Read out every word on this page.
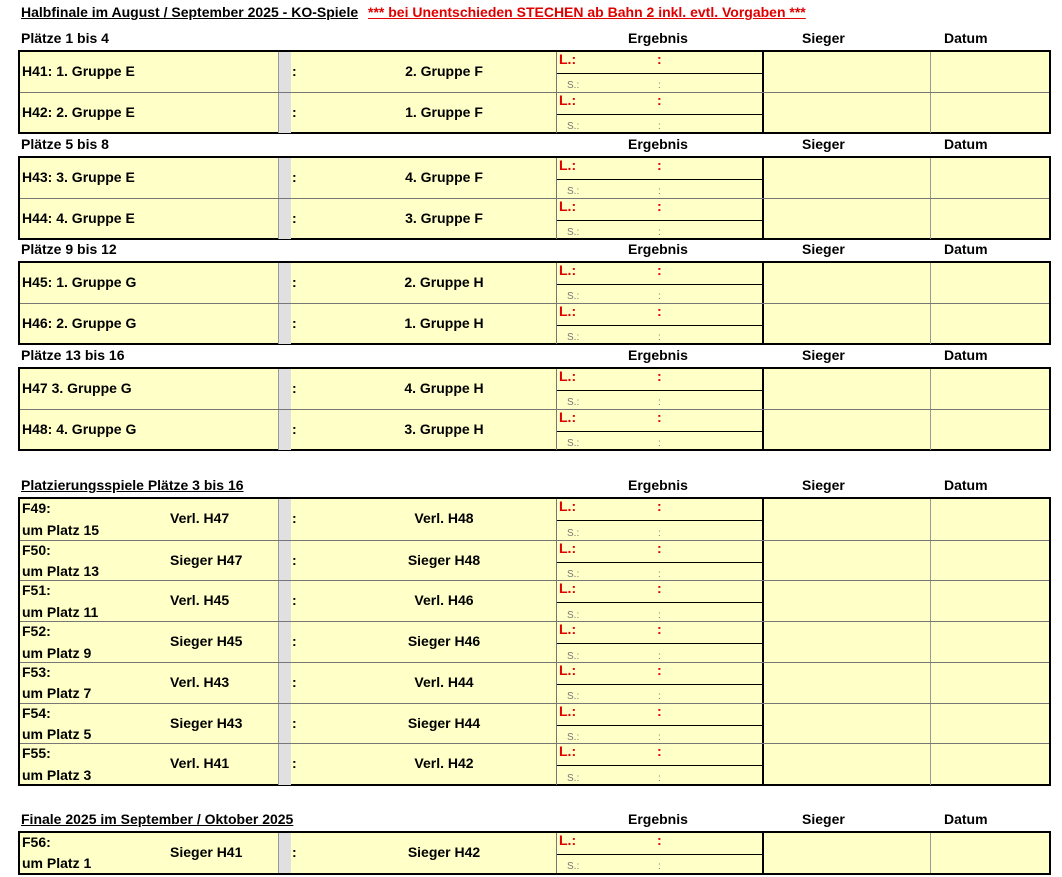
Halbfinale im August / September 2025 - KO-Spiele *** bei Unentschieden STECHEN ab Bahn 2 inkl. evtl. Vorgaben ***
Plätze 1 bis 4	Ergebnis	Sieger	Datum
H41: 1. Gruppe E	:	2. Gruppe F
L.:	:
S.:	:
H42: 2. Gruppe E	:	1. Gruppe F
L.:	:
S.:	:
Plätze 5 bis 8	Ergebnis	Sieger	Datum
H43: 3. Gruppe E	:	4. Gruppe F
L.:	:
S.:	:
H44: 4. Gruppe E	:	3. Gruppe F
L.:	:
S.:	:
Plätze 9 bis 12	Ergebnis	Sieger	Datum
H45: 1. Gruppe G	:	2. Gruppe H
L.:	:
S.:	:
H46: 2. Gruppe G	:	1. Gruppe H
L.:	:
S.:	:
Plätze 13 bis 16	Ergebnis	Sieger	Datum
H47 3. Gruppe G	:	4. Gruppe H
L.:	:
S.:	:
H48: 4. Gruppe G	:	3. Gruppe H
L.:	:
S.:	:
Platzierungsspiele Plätze 3 bis 16	Ergebnis	Sieger	Datum
F49:
um Platz 15
Verl. H47	:	Verl. H48
L.:	:
S.:	:
F50:
um Platz 13
Sieger H47	:	Sieger H48
L.:	:
S.:	:
F51:
um Platz 11
Verl. H45	:	Verl. H46
L.:	:
S.:	:
F52:
um Platz 9
Sieger H45	:	Sieger H46
L.:	:
S.:	:
F53:
um Platz 7
Verl. H43	:	Verl. H44
L.:	:
S.:	:
F54:
um Platz 5
Sieger H43	:	Sieger H44
L.:	:
S.:	:
F55:
um Platz 3
Verl. H41	:	Verl. H42
L.:	:
S.:	:
Finale 2025 im September / Oktober 2025	Ergebnis	Sieger	Datum
F56:
um Platz 1
Sieger H41	:	Sieger H42
L.:	:
S.:	:
